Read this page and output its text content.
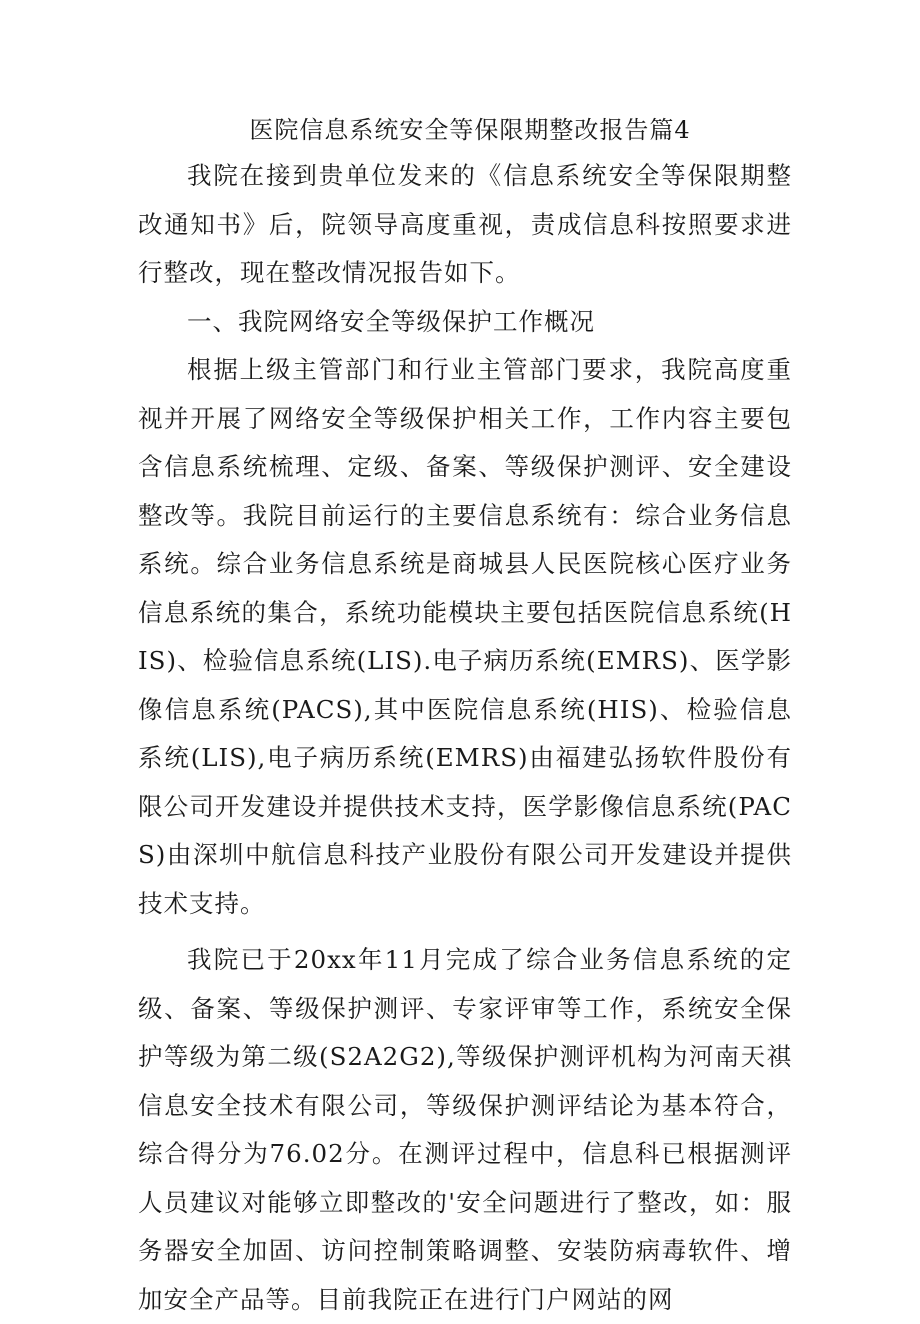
医院信息系统安全等保限期整改报告篇4

我院在接到贵单位发来的《信息系统安全等保限期整改通知书》后，院领导高度重视，责成信息科按照要求进行整改，现在整改情况报告如下。

一、我院网络安全等级保护工作概况

根据上级主管部门和行业主管部门要求，我院高度重视并开展了网络安全等级保护相关工作，工作内容主要包含信息系统梳理、定级、备案、等级保护测评、安全建设整改等。我院目前运行的主要信息系统有：综合业务信息系统。综合业务信息系统是商城县人民医院核心医疗业务信息系统的集合，系统功能模块主要包括医院信息系统(HIS)、检验信息系统(LIS).电子病历系统(EMRS)、医学影像信息系统(PACS),其中医院信息系统(HIS)、检验信息系统(LIS),电子病历系统(EMRS)由福建弘扬软件股份有限公司开发建设并提供技术支持，医学影像信息系统(PACS)由深圳中航信息科技产业股份有限公司开发建设并提供技术支持。

我院已于20xx年11月完成了综合业务信息系统的定级、备案、等级保护测评、专家评审等工作，系统安全保护等级为第二级(S2A2G2),等级保护测评机构为河南天祺信息安全技术有限公司，等级保护测评结论为基本符合，综合得分为76.02分。在测评过程中，信息科已根据测评人员建议对能够立即整改的'安全问题进行了整改，如：服务器安全加固、访问控制策略调整、安装防病毒软件、增加安全产品等。目前我院正在进行门户网站的网
